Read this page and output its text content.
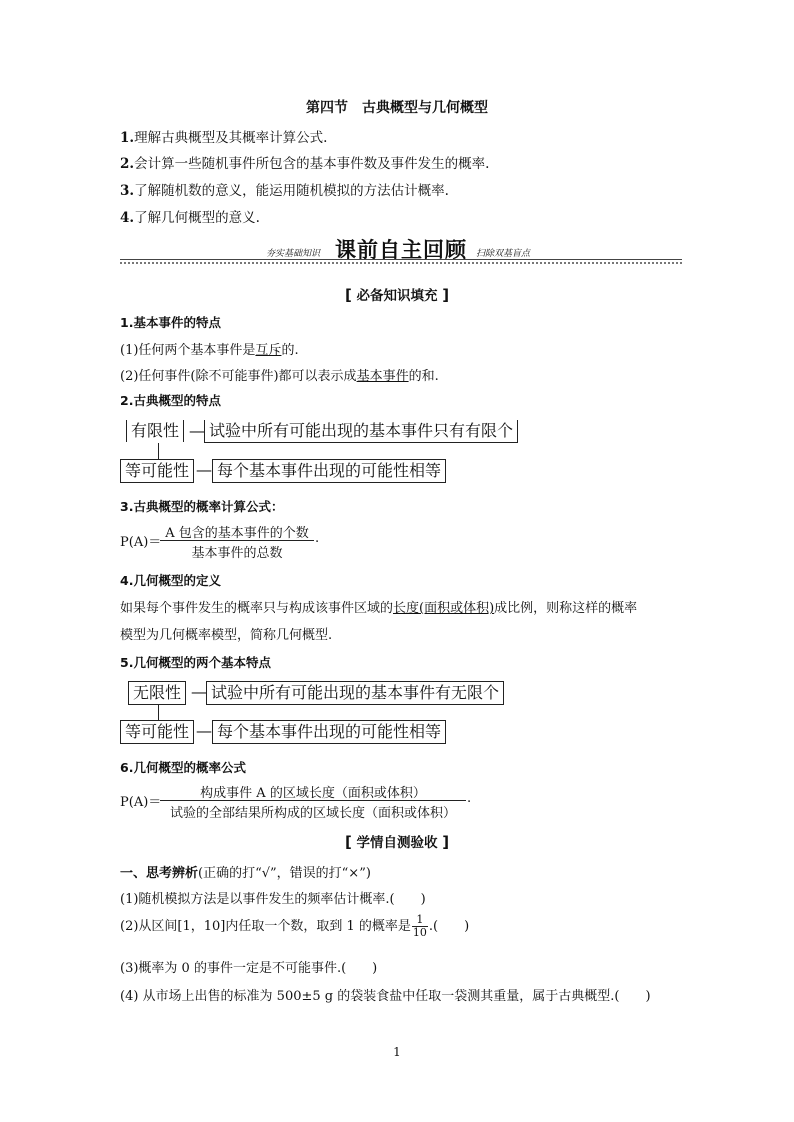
第四节　古典概型与几何概型
1.理解古典概型及其概率计算公式.
2.会计算一些随机事件所包含的基本事件数及事件发生的概率.
3.了解随机数的意义，能运用随机模拟的方法估计概率.
4.了解几何概型的意义.
夯实基础知识 课前自主回顾 扫除双基盲点
[ 必备知识填充 ]
1.基本事件的特点
(1)任何两个基本事件是互斥的.
(2)任何事件(除不可能事件)都可以表示成基本事件的和.
2.古典概型的特点
有限性 — 试验中所有可能出现的基本事件只有有限个
等可能性 — 每个基本事件出现的可能性相等
3.古典概型的概率计算公式：
P(A)＝
A 包含的基本事件的个数
基本事件的总数
.
4.几何概型的定义
如果每个事件发生的概率只与构成该事件区域的长度(面积或体积)成比例，则称这样的概率
模型为几何概率模型，简称几何概型.
5.几何概型的两个基本特点
无限性 — 试验中所有可能出现的基本事件有无限个
等可能性 — 每个基本事件出现的可能性相等
6.几何概型的概率公式
P(A)＝
构成事件 A 的区域长度（面积或体积）
试验的全部结果所构成的区域长度（面积或体积）
.
[ 学情自测验收 ]
一、思考辨析(正确的打“√”，错误的打“×”)
(1)随机模拟方法是以事件发生的频率估计概率.( )
(2)从区间[1，10]内任取一个数，取到 1 的概率是 $\frac{1}{10}$ .( )
(3)概率为 0 的事件一定是不可能事件.( )
(4) 从市场上出售的标准为 500±5 g 的袋装食盐中任取一袋测其重量，属于古典概型.( )
1
